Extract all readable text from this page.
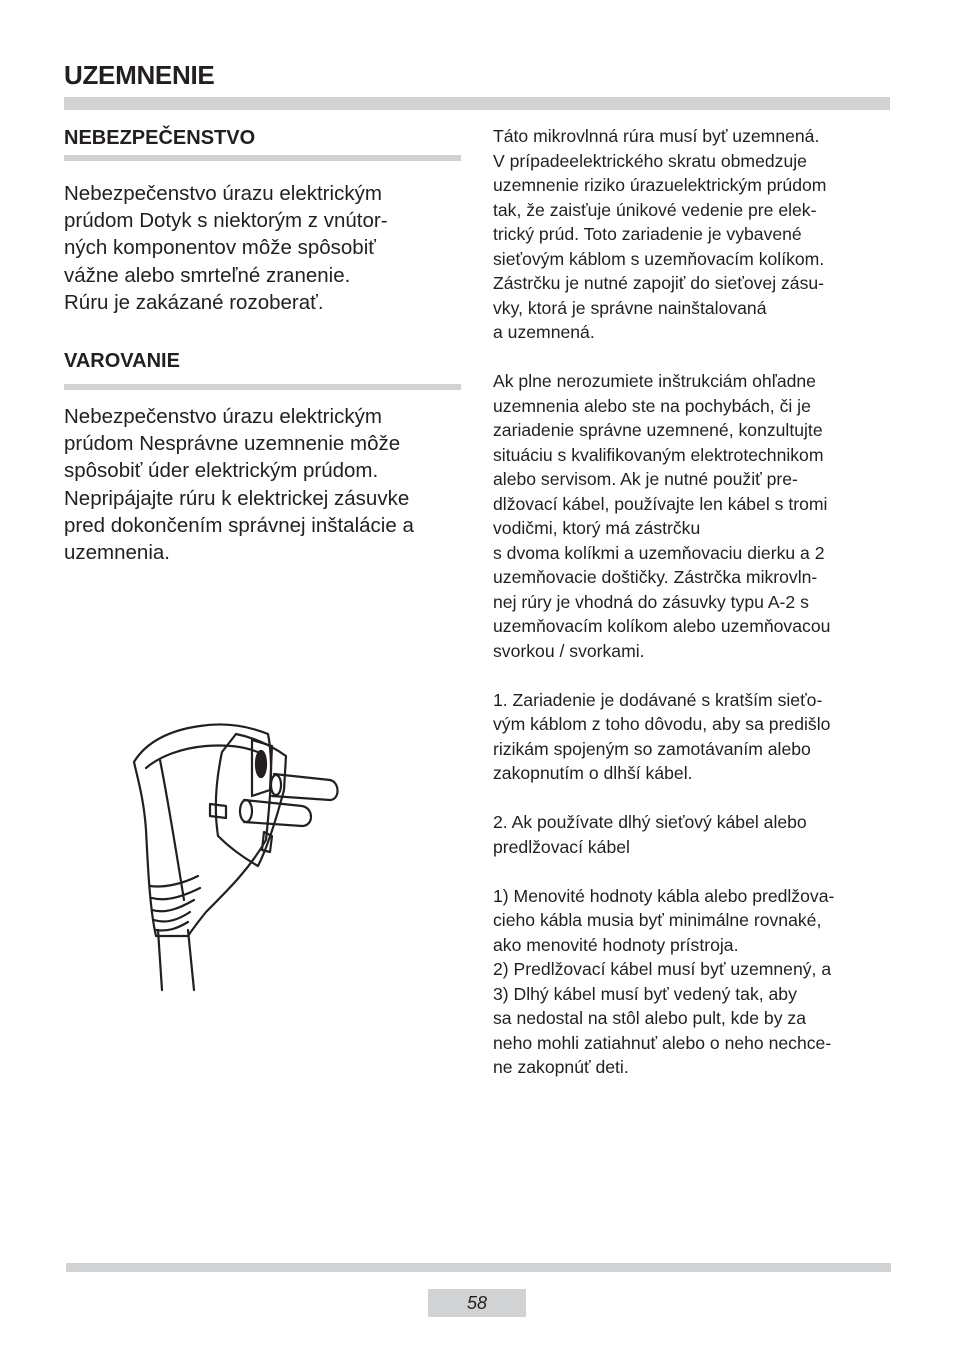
UZEMNENIE
NEBEZPEČENSTVO

Nebezpečenstvo úrazu elektrickým
prúdom Dotyk s niektorým z vnútor-
ných komponentov môže spôsobiť
vážne alebo smrteľné zranenie.
Rúru je zakázané rozoberať.

VAROVANIE

Nebezpečenstvo úrazu elektrickým
prúdom Nesprávne uzemnenie môže
spôsobiť úder elektrickým prúdom.
Nepripájajte rúru k elektrickej zásuvke
pred dokončením správnej inštalácie a
uzemnenia.

Táto mikrovlnná rúra musí byť uzemnená.
V prípadeelektrického skratu obmedzuje
uzemnenie riziko úrazuelektrickým prúdom
tak, že zaisťuje únikové vedenie pre elek-
trický prúd. Toto zariadenie je vybavené
sieťovým káblom s uzemňovacím kolíkom.
Zástrčku je nutné zapojiť do sieťovej zásu-
vky, ktorá je správne nainštalovaná
a uzemnená.
Ak plne nerozumiete inštrukciám ohľadne
uzemnenia alebo ste na pochybách, či je
zariadenie správne uzemnené, konzultujte
situáciu s kvalifikovaným elektrotechnikom
alebo servisom. Ak je nutné použiť pre-
dlžovací kábel, používajte len kábel s tromi
vodičmi, ktorý má zástrčku
s dvoma kolíkmi a uzemňovaciu dierku a 2
uzemňovacie doštičky. Zástrčka mikrovln-
nej rúry je vhodná do zásuvky typu A-2 s
uzemňovacím kolíkom alebo uzemňovacou
svorkou / svorkami.
1. Zariadenie je dodávané s kratším sieťo-
vým káblom z toho dôvodu, aby sa predišlo
rizikám spojeným so zamotávaním alebo
zakopnutím o dlhší kábel.
2. Ak používate dlhý sieťový kábel alebo
predlžovací kábel
1) Menovité hodnoty kábla alebo predlžova-
cieho kábla musia byť minimálne rovnaké,
ako menovité hodnoty prístroja.
2) Predlžovací kábel musí byť uzemnený, a
3) Dlhý kábel musí byť vedený tak, aby
sa nedostal na stôl alebo pult, kde by za
neho mohli zatiahnuť alebo o neho nechce-
ne zakopnúť deti.
58
